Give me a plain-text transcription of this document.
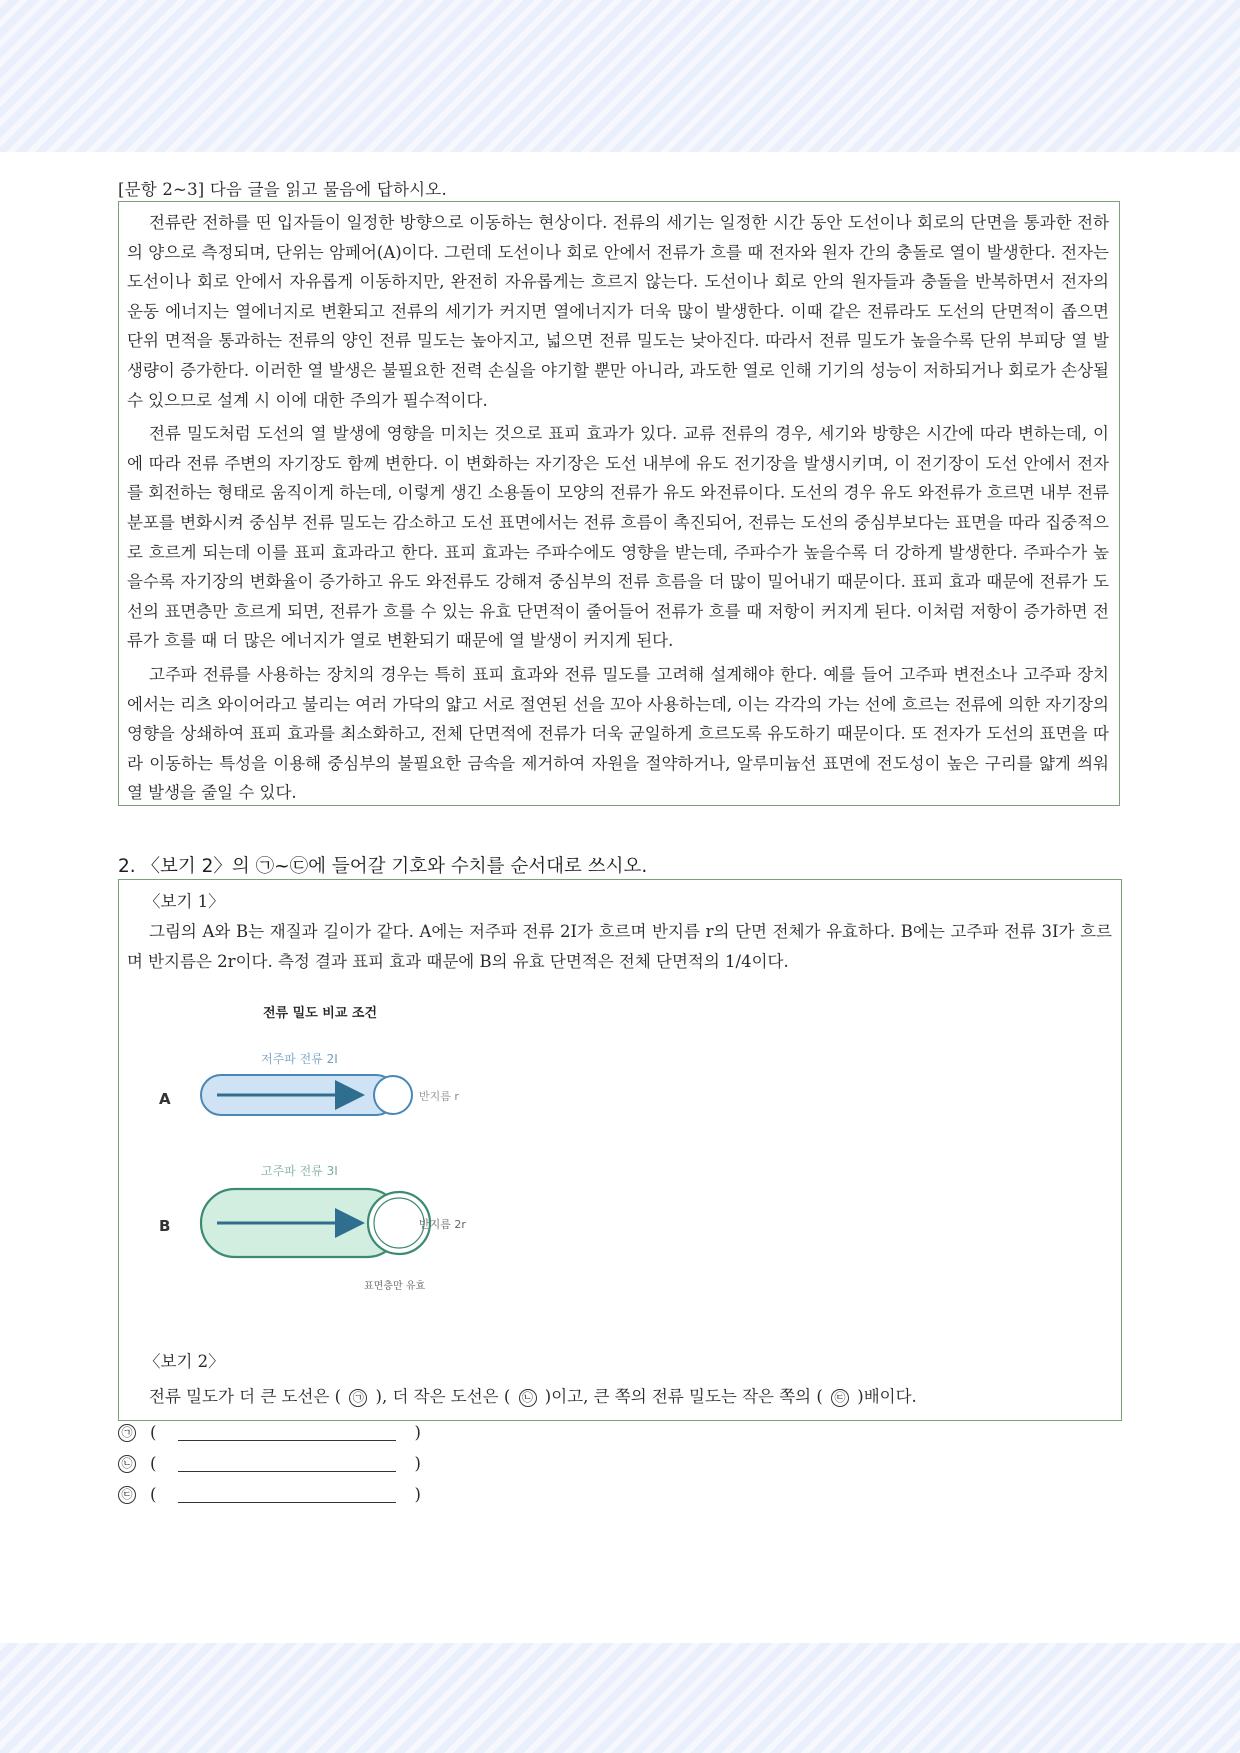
[문항 2~3] 다음 글을 읽고 물음에 답하시오.

전류란 전하를 띤 입자들이 일정한 방향으로 이동하는 현상이다. 전류의 세기는 일정한 시간 동안 도선이나 회로의 단면을 통과한 전하의 양으로 측정되며, 단위는 암페어(A)이다. 그런데 도선이나 회로 안에서 전류가 흐를 때 전자와 원자 간의 충돌로 열이 발생한다. 전자는 도선이나 회로 안에서 자유롭게 이동하지만, 완전히 자유롭게는 흐르지 않는다. 도선이나 회로 안의 원자들과 충돌을 반복하면서 전자의 운동 에너지는 열에너지로 변환되고 전류의 세기가 커지면 열에너지가 더욱 많이 발생한다. 이때 같은 전류라도 도선의 단면적이 좁으면 단위 면적을 통과하는 전류의 양인 전류 밀도는 높아지고, 넓으면 전류 밀도는 낮아진다. 따라서 전류 밀도가 높을수록 단위 부피당 열 발생량이 증가한다. 이러한 열 발생은 불필요한 전력 손실을 야기할 뿐만 아니라, 과도한 열로 인해 기기의 성능이 저하되거나 회로가 손상될 수 있으므로 설계 시 이에 대한 주의가 필수적이다.

전류 밀도처럼 도선의 열 발생에 영향을 미치는 것으로 표피 효과가 있다. 교류 전류의 경우, 세기와 방향은 시간에 따라 변하는데, 이에 따라 전류 주변의 자기장도 함께 변한다. 이 변화하는 자기장은 도선 내부에 유도 전기장을 발생시키며, 이 전기장이 도선 안에서 전자를 회전하는 형태로 움직이게 하는데, 이렇게 생긴 소용돌이 모양의 전류가 유도 와전류이다. 도선의 경우 유도 와전류가 흐르면 내부 전류 분포를 변화시켜 중심부 전류 밀도는 감소하고 도선 표면에서는 전류 흐름이 촉진되어, 전류는 도선의 중심부보다는 표면을 따라 집중적으로 흐르게 되는데 이를 표피 효과라고 한다. 표피 효과는 주파수에도 영향을 받는데, 주파수가 높을수록 더 강하게 발생한다. 주파수가 높을수록 자기장의 변화율이 증가하고 유도 와전류도 강해져 중심부의 전류 흐름을 더 많이 밀어내기 때문이다. 표피 효과 때문에 전류가 도선의 표면층만 흐르게 되면, 전류가 흐를 수 있는 유효 단면적이 줄어들어 전류가 흐를 때 저항이 커지게 된다. 이처럼 저항이 증가하면 전류가 흐를 때 더 많은 에너지가 열로 변환되기 때문에 열 발생이 커지게 된다.

고주파 전류를 사용하는 장치의 경우는 특히 표피 효과와 전류 밀도를 고려해 설계해야 한다. 예를 들어 고주파 변전소나 고주파 장치에서는 리츠 와이어라고 불리는 여러 가닥의 얇고 서로 절연된 선을 꼬아 사용하는데, 이는 각각의 가는 선에 흐르는 전류에 의한 자기장의 영향을 상쇄하여 표피 효과를 최소화하고, 전체 단면적에 전류가 더욱 균일하게 흐르도록 유도하기 때문이다. 또 전자가 도선의 표면을 따라 이동하는 특성을 이용해 중심부의 불필요한 금속을 제거하여 자원을 절약하거나, 알루미늄선 표면에 전도성이 높은 구리를 얇게 씌워 열 발생을 줄일 수 있다.

2. 〈보기 2〉의 ㉠~㉢에 들어갈 기호와 수치를 순서대로 쓰시오.
〈보기 1〉

그림의 A와 B는 재질과 길이가 같다. A에는 저주파 전류 2I가 흐르며 반지름 r의 단면 전체가 유효하다. B에는 고주파 전류 3I가 흐르며 반지름은 2r이다. 측정 결과 표피 효과 때문에 B의 유효 단면적은 전체 단면적의 1/4이다.

전류 밀도 비교 조건
저주파 전류 2I
A	반지름 r
고주파 전류 3I
B	반지름 2r
표면층만 유효
〈보기 2〉

전류 밀도가 더 큰 도선은 ( ㉠ ), 더 작은 도선은 ( ㉡ )이고, 큰 쪽의 전류 밀도는 작은 쪽의 ( ㉢ )배이다.

㉠ (	)
㉡ (	)
㉢ (	)
